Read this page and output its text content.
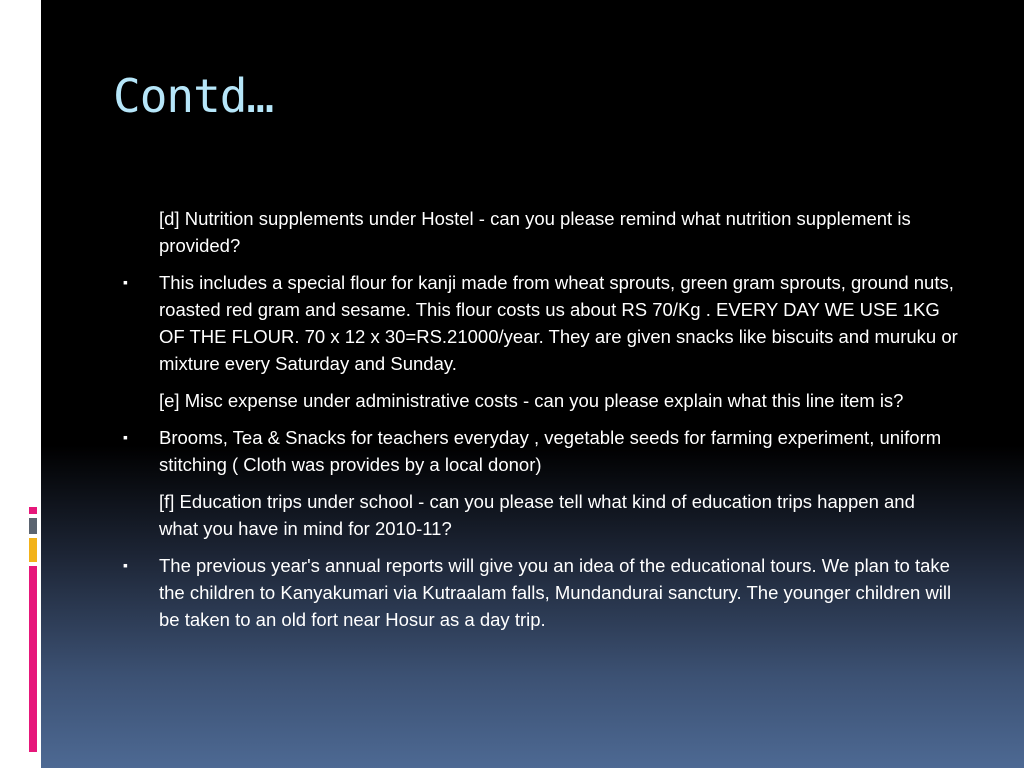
Contd…
[d] Nutrition supplements under Hostel - can you please remind what nutrition supplement is provided?
▪ This includes a special flour for kanji made from wheat sprouts, green gram sprouts, ground nuts, roasted red gram and sesame. This flour costs us about RS 70/Kg . EVERY DAY WE USE 1KG OF THE FLOUR. 70 x 12 x 30=RS.21000/year. They are given snacks like biscuits and muruku or mixture every Saturday and Sunday.
[e] Misc expense under administrative costs - can you please explain what this line item is?
▪ Brooms, Tea & Snacks for teachers everyday , vegetable seeds for farming experiment, uniform stitching ( Cloth was provides by a local donor)
[f] Education trips under school - can you please tell what kind of education trips happen and what you have in mind for 2010-11?
▪ The previous year's annual reports will give you an idea of the educational tours. We plan to take the children to Kanyakumari via Kutraalam falls, Mundandurai sanctury. The younger children will be taken to an old fort near Hosur as a day trip.
